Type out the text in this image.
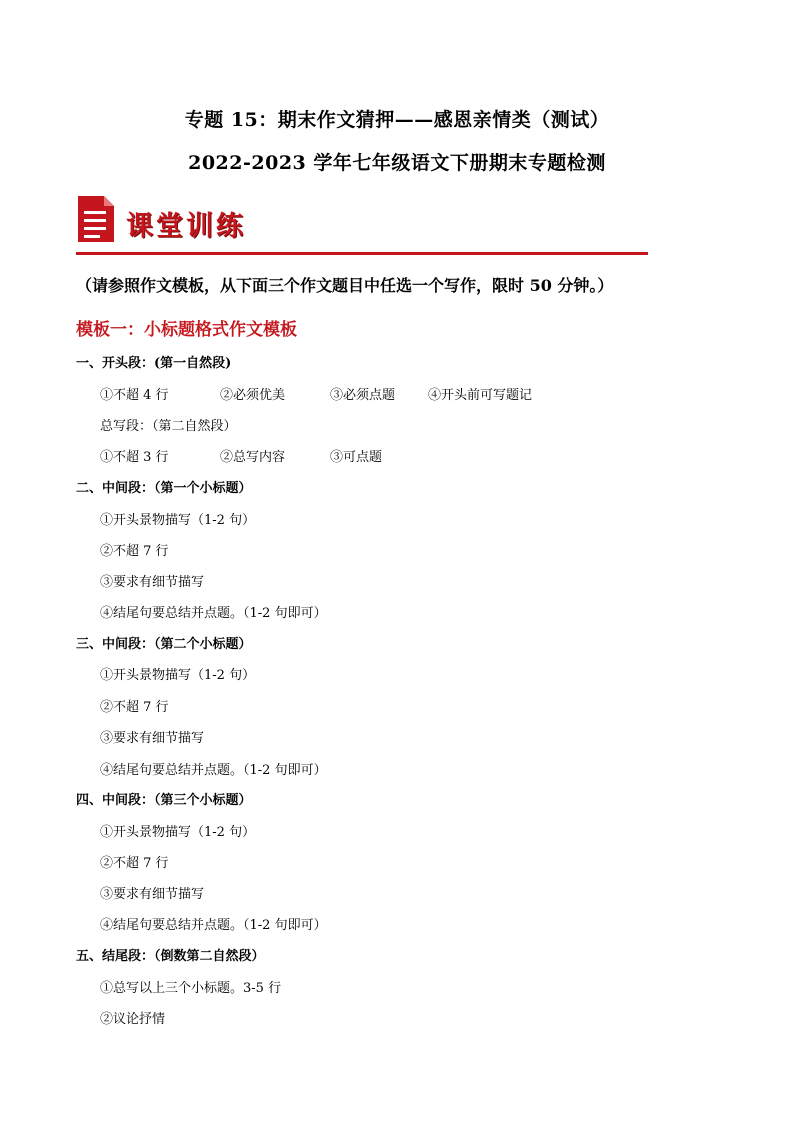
专题 15：期末作文猜押——感恩亲情类（测试）
2022-2023 学年七年级语文下册期末专题检测
课堂训练
（请参照作文模板，从下面三个作文题目中任选一个写作，限时 50 分钟。）
模板一：小标题格式作文模板
一、开头段：(第一自然段)
①不超 4 行	②必须优美	③必须点题	④开头前可写题记
总写段：（第二自然段）
①不超 3 行	②总写内容	③可点题
二、中间段：（第一个小标题）
①开头景物描写（1-2 句）
②不超 7 行
③要求有细节描写
④结尾句要总结并点题。（1-2 句即可）
三、中间段：（第二个小标题）
①开头景物描写（1-2 句）
②不超 7 行
③要求有细节描写
④结尾句要总结并点题。（1-2 句即可）
四、中间段：（第三个小标题）
①开头景物描写（1-2 句）
②不超 7 行
③要求有细节描写
④结尾句要总结并点题。（1-2 句即可）
五、结尾段：（倒数第二自然段）
①总写以上三个小标题。3-5 行
②议论抒情
